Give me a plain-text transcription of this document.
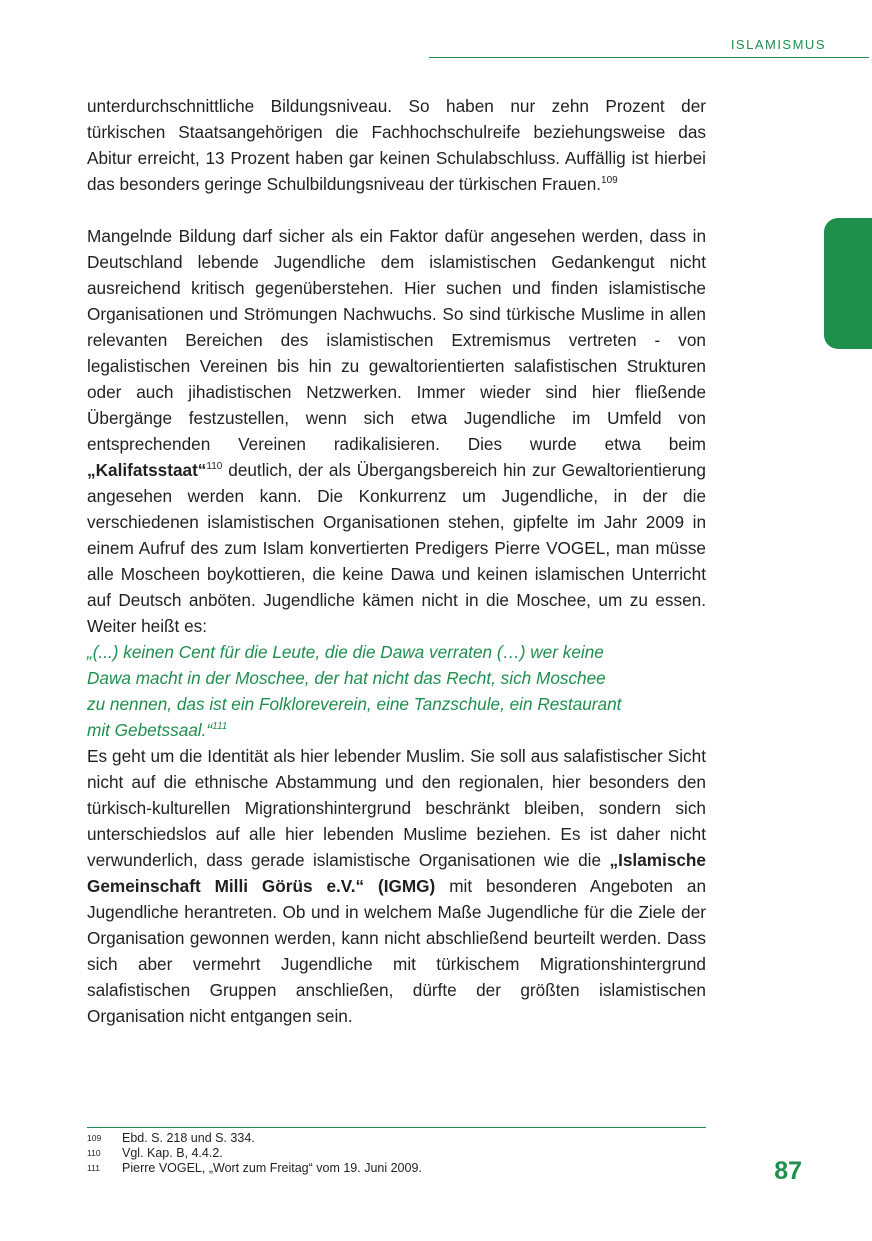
ISLAMISMUS

unterdurchschnittliche Bildungsniveau. So haben nur zehn Prozent der türkischen Staatsangehörigen die Fachhochschulreife beziehungsweise das Abitur erreicht, 13 Prozent haben gar keinen Schulabschluss. Auffällig ist hierbei das besonders geringe Schulbildungsniveau der türkischen Frauen.$^{109}$

Mangelnde Bildung darf sicher als ein Faktor dafür angesehen werden, dass in Deutschland lebende Jugendliche dem islamistischen Gedankengut nicht ausreichend kritisch gegenüberstehen. Hier suchen und finden islamistische Organisationen und Strömungen Nachwuchs. So sind türkische Muslime in allen relevanten Bereichen des islamistischen Extremismus vertreten - von legalistischen Vereinen bis hin zu gewaltorientierten salafistischen Strukturen oder auch jihadistischen Netzwerken. Immer wieder sind hier fließende Übergänge festzustellen, wenn sich etwa Jugendliche im Umfeld von entsprechenden Vereinen radikalisieren. Dies wurde etwa beim „Kalifatsstaat“$^{110}$ deutlich, der als Übergangsbereich hin zur Gewaltorientierung angesehen werden kann. Die Konkurrenz um Jugendliche, in der die verschiedenen islamistischen Organisationen stehen, gipfelte im Jahr 2009 in einem Aufruf des zum Islam konvertierten Predigers Pierre VOGEL, man müsse alle Moscheen boykottieren, die keine Dawa und keinen islamischen Unterricht auf Deutsch anböten. Jugendliche kämen nicht in die Moschee, um zu essen. Weiter heißt es:

„(...) keinen Cent für die Leute, die die Dawa verraten (…) wer keine Dawa macht in der Moschee, der hat nicht das Recht, sich Moschee zu nennen, das ist ein Folkloreverein, eine Tanzschule, ein Restaurant mit Gebetssaal.“$^{111}$

Es geht um die Identität als hier lebender Muslim. Sie soll aus salafistischer Sicht nicht auf die ethnische Abstammung und den regionalen, hier besonders den türkisch-kulturellen Migrationshintergrund beschränkt bleiben, sondern sich unterschiedslos auf alle hier lebenden Muslime beziehen. Es ist daher nicht verwunderlich, dass gerade islamistische Organisationen wie die „Islamische Gemeinschaft Milli Görüs e.V.“ (IGMG) mit besonderen Angeboten an Jugendliche herantreten. Ob und in welchem Maße Jugendliche für die Ziele der Organisation gewonnen werden, kann nicht abschließend beurteilt werden. Dass sich aber vermehrt Jugendliche mit türkischem Migrationshintergrund salafistischen Gruppen anschließen, dürfte der größten islamistischen Organisation nicht entgangen sein.

109	Ebd. S. 218 und S. 334.
110	Vgl. Kap. B, 4.4.2.
111	Pierre VOGEL, „Wort zum Freitag“ vom 19. Juni 2009.	87
